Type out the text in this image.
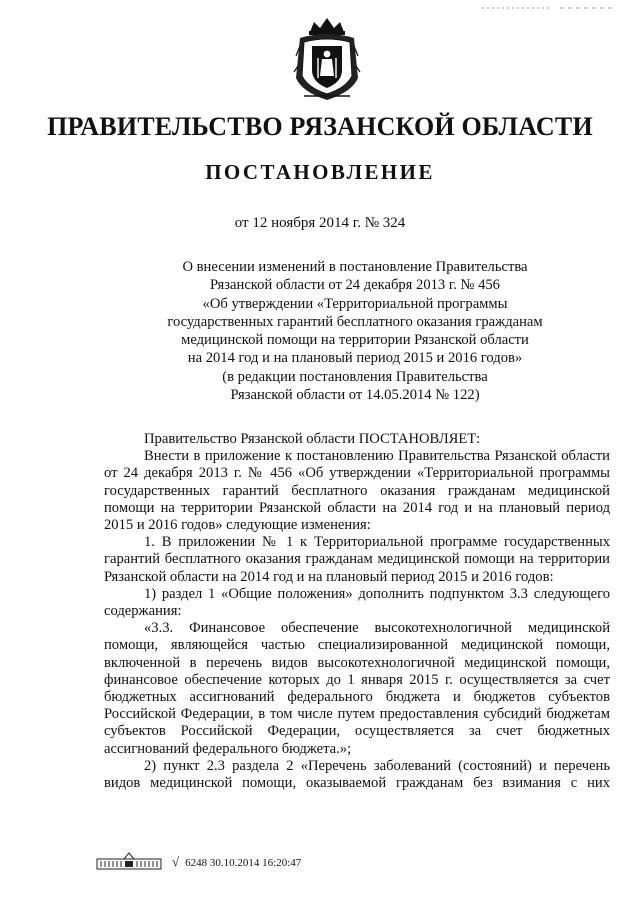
ПРАВИТЕЛЬСТВО РЯЗАНСКОЙ ОБЛАСТИ
ПОСТАНОВЛЕНИЕ
от 12 ноября 2014 г. № 324
О внесении изменений в постановление Правительства
Рязанской области от 24 декабря 2013 г. № 456
«Об утверждении «Территориальной программы
государственных гарантий бесплатного оказания гражданам
медицинской помощи на территории Рязанской области
на 2014 год и на плановый период 2015 и 2016 годов»
(в редакции постановления Правительства
Рязанской области от 14.05.2014 № 122)

Правительство Рязанской области ПОСТАНОВЛЯЕТ:

Внести в приложение к постановлению Правительства Рязанской области от 24 декабря 2013 г. № 456 «Об утверждении «Территориальной программы государственных гарантий бесплатного оказания гражданам медицинской помощи на территории Рязанской области на 2014 год и на плановый период 2015 и 2016 годов» следующие изменения:

1. В приложении № 1 к Территориальной программе государственных гарантий бесплатного оказания гражданам медицинской помощи на территории Рязанской области на 2014 год и на плановый период 2015 и 2016 годов:

1) раздел 1 «Общие положения» дополнить подпунктом 3.3 следующего содержания:

«3.3. Финансовое обеспечение высокотехнологичной медицинской помощи, являющейся частью специализированной медицинской помощи, включенной в перечень видов высокотехнологичной медицинской помощи, финансовое обеспечение которых до 1 января 2015 г. осуществляется за счет бюджетных ассигнований федерального бюджета и бюджетов субъектов Российской Федерации, в том числе путем предоставления субсидий бюджетам субъектов Российской Федерации, осуществляется за счет бюджетных ассигнований федерального бюджета.»;

2) пункт 2.3 раздела 2 «Перечень заболеваний (состояний) и перечень видов медицинской помощи, оказываемой гражданам без взимания с них

√ 6248 30.10.2014 16:20:47
